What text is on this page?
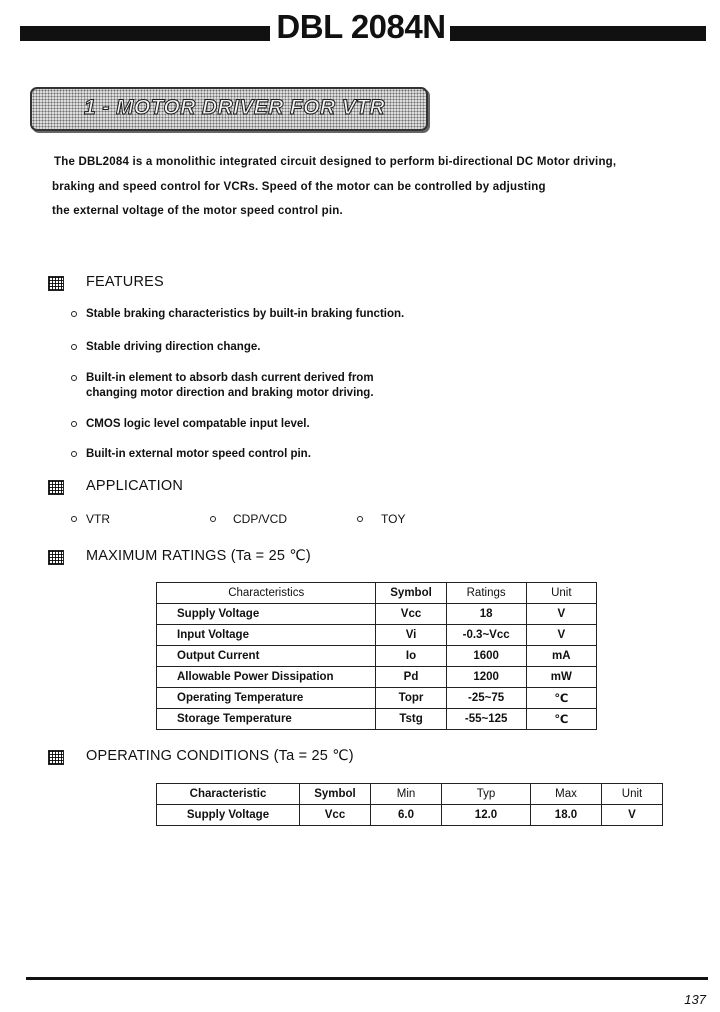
DBL 2084N
1 - MOTOR DRIVER FOR VTR

The DBL2084 is a monolithic integrated circuit designed to perform bi-directional DC Motor driving,

braking and speed control for VCRs. Speed of the motor can be controlled by adjusting

the external voltage of the motor speed control pin.

FEATURES
Stable braking characteristics by built-in braking function.
Stable driving direction change.
Built-in element to absorb dash current derived from
changing motor direction and braking motor driving.
CMOS logic level compatable input level.
Built-in external motor speed control pin.
APPLICATION
VTR	CDP/VCD	TOY
MAXIMUM RATINGS (Ta = 25 ℃)
Characteristics	Symbol	Ratings	Unit
Supply Voltage	Vcc	18	V
Input Voltage	Vi	-0.3~Vcc	V
Output Current	Io	1600	mA
Allowable Power Dissipation	Pd	1200	mW
Operating Temperature	Topr	-25~75	℃
Storage Temperature	Tstg	-55~125	℃
OPERATING CONDITIONS (Ta = 25 ℃)
Characteristic	Symbol	Min	Typ	Max	Unit
Supply Voltage	Vcc	6.0	12.0	18.0	V
137
